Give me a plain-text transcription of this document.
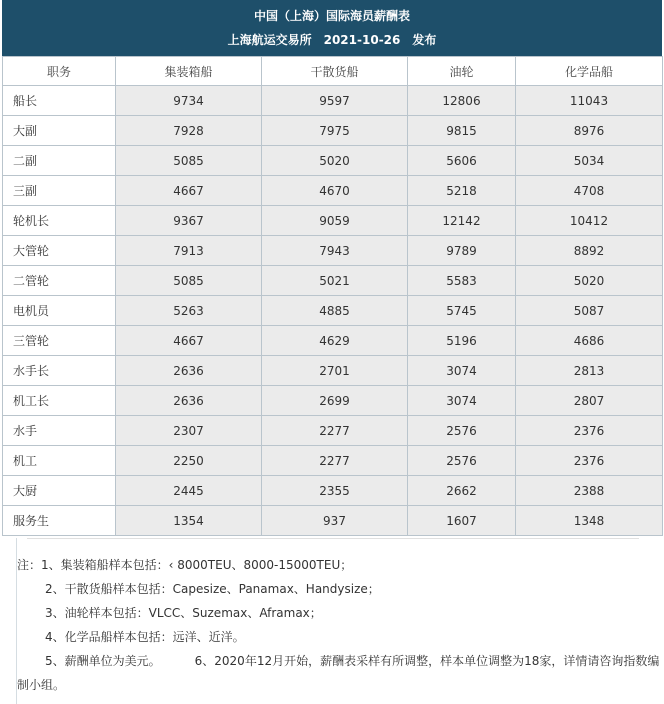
中国（上海）国际海员薪酬表
上海航运交易所　2021-10-26　发布
职务	集装箱船	干散货船	油轮	化学品船
船长	9734	9597	12806	11043
大副	7928	7975	9815	8976
二副	5085	5020	5606	5034
三副	4667	4670	5218	4708
轮机长	9367	9059	12142	10412
大管轮	7913	7943	9789	8892
二管轮	5085	5021	5583	5020
电机员	5263	4885	5745	5087
三管轮	4667	4629	5196	4686
水手长	2636	2701	3074	2813
机工长	2636	2699	3074	2807
水手	2307	2277	2576	2376
机工	2250	2277	2576	2376
大厨	2445	2355	2662	2388
服务生	1354	937	1607	1348
注：1、集装箱船样本包括：‹ 8000TEU、8000-15000TEU；
2、干散货船样本包括：Capesize、Panamax、Handysize；
3、油轮样本包括：VLCC、Suzemax、Aframax；
4、化学品船样本包括：远洋、近洋。
5、薪酬单位为美元。	6、2020年12月开始，薪酬表采样有所调整，样本单位调整为18家，详情请咨询指数编
制小组。
